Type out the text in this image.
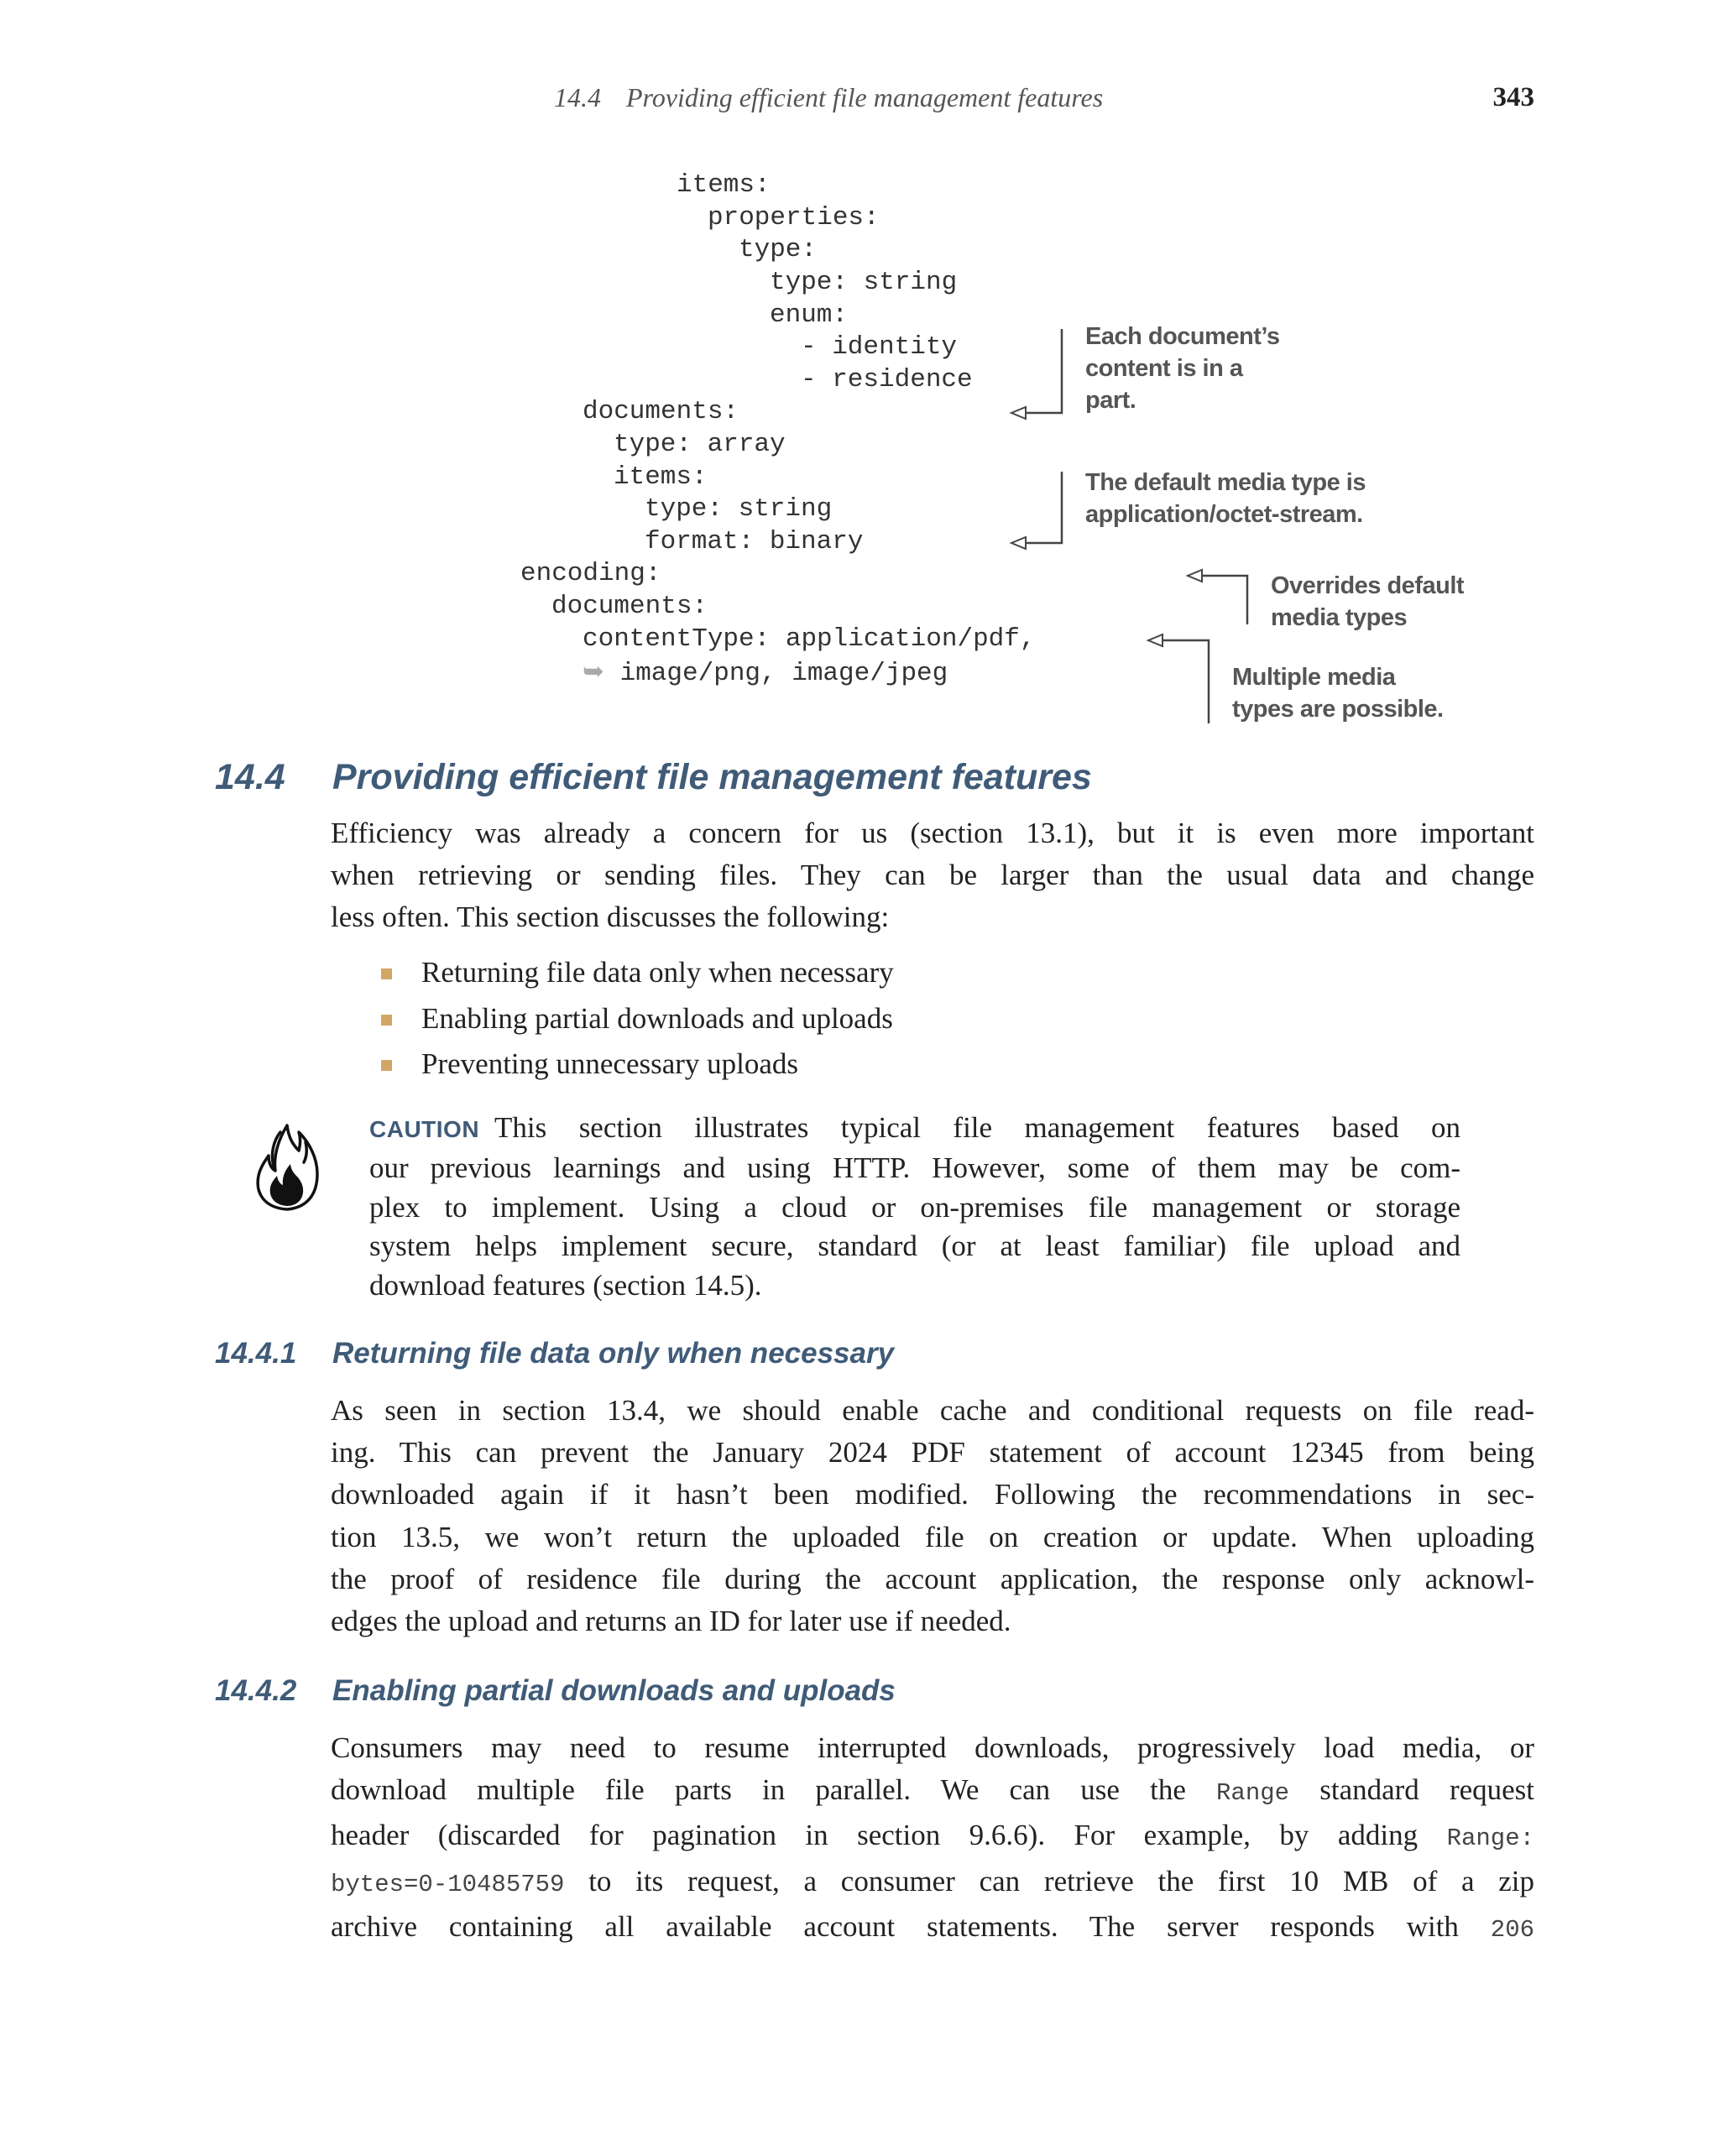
14.4 Providing efficient file management features	343
items:
properties:
type:
type: string
enum:
- identity
- residence
documents:
type: array
items:
type: string
format: binary
encoding:
documents:
contentType: application/pdf,
➥ image/png, image/jpeg
Each document’s
content is in a
part.
The default media type is
application/octet-stream.
Overrides default
media types
Multiple media
types are possible.
14.4 Providing efficient file management features
Efficiency was already a concern for us (section 13.1), but it is even more important
when retrieving or sending files. They can be larger than the usual data and change
less often. This section discusses the following:
Returning file data only when necessary
Enabling partial downloads and uploads
Preventing unnecessary uploads
CAUTION This section illustrates typical file management features based on
our previous learnings and using HTTP. However, some of them may be com-
plex to implement. Using a cloud or on-premises file management or storage
system helps implement secure, standard (or at least familiar) file upload and
download features (section 14.5).
14.4.1 Returning file data only when necessary
As seen in section 13.4, we should enable cache and conditional requests on file read-
ing. This can prevent the January 2024 PDF statement of account 12345 from being
downloaded again if it hasn’t been modified. Following the recommendations in sec-
tion 13.5, we won’t return the uploaded file on creation or update. When uploading
the proof of residence file during the account application, the response only acknowl-
edges the upload and returns an ID for later use if needed.
14.4.2 Enabling partial downloads and uploads
Consumers may need to resume interrupted downloads, progressively load media, or
download multiple file parts in parallel. We can use the Range standard request
header (discarded for pagination in section 9.6.6). For example, by adding Range:
bytes=0-10485759 to its request, a consumer can retrieve the first 10 MB of a zip
archive containing all available account statements. The server responds with 206
